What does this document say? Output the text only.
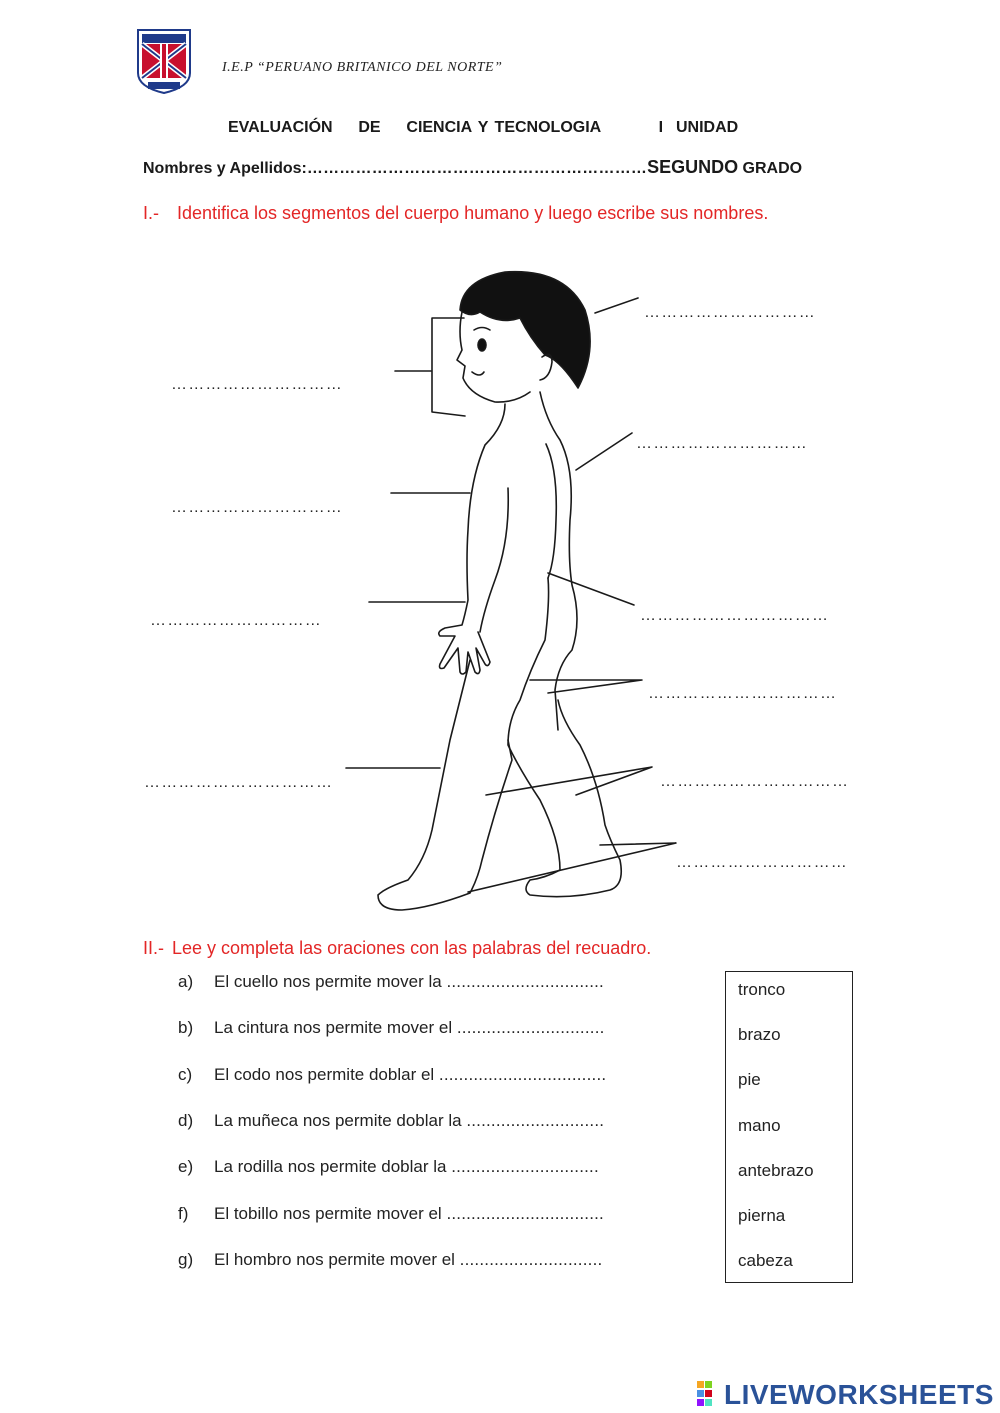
I.E.P “PERUANO BRITANICO DEL NORTE”
EVALUACIÓN    DE    CIENCIA Y TECNOLOGIA         I  UNIDAD
Nombres y Apellidos:………………………………………………………SEGUNDO GRADO
I.- Identifica los segmentos del cuerpo humano y luego escribe sus nombres.
…………………………
…………………………
…………………………
…………………………
……………………………
…………………………
……………………………
……………………………	……………………………
…………………………
II.- Lee y completa las oraciones con las palabras del recuadro.
a) El cuello nos permite mover la ................................
b) La cintura nos permite mover el ..............................
c) El codo nos permite doblar el ..................................
d) La muñeca nos permite doblar la ............................
e) La rodilla nos permite doblar la ..............................
f) El tobillo nos permite mover el ................................
g) El hombro nos permite mover el .............................
tronco
brazo
pie
mano
antebrazo
pierna
cabeza
LIVEWORKSHEETS
